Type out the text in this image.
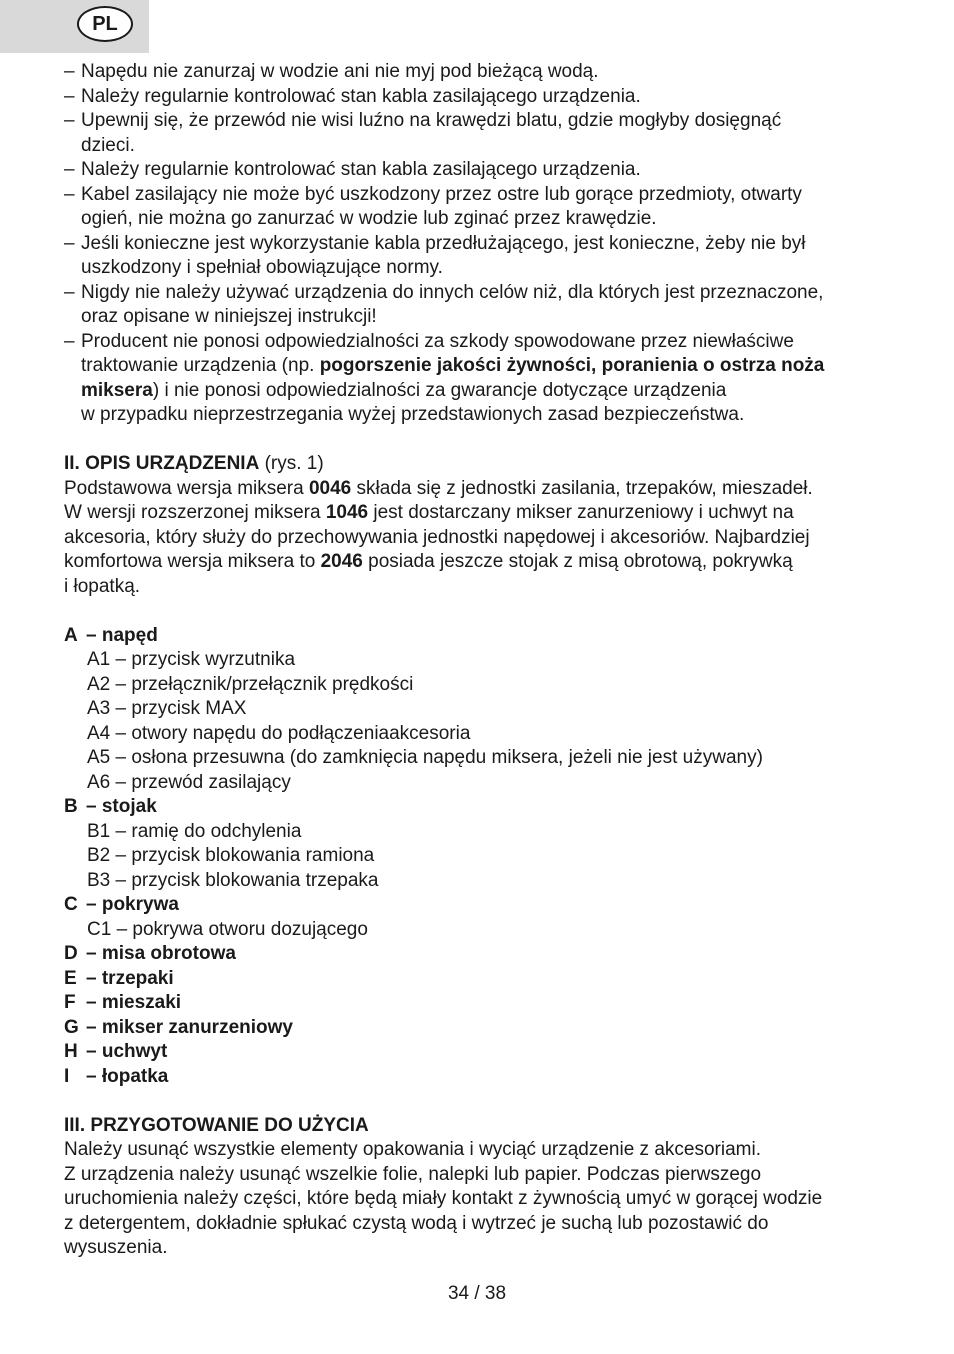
PL
– Napędu nie zanurzaj w wodzie ani nie myj pod bieżącą wodą.
– Należy regularnie kontrolować stan kabla zasilającego urządzenia.
– Upewnij się, że przewód nie wisi luźno na krawędzi blatu, gdzie mogłyby dosięgnąć
dzieci.
– Należy regularnie kontrolować stan kabla zasilającego urządzenia.
– Kabel zasilający nie może być uszkodzony przez ostre lub gorące przedmioty, otwarty
ogień, nie można go zanurzać w wodzie lub zginać przez krawędzie.
– Jeśli konieczne jest wykorzystanie kabla przedłużającego, jest konieczne, żeby nie był
uszkodzony i spełniał obowiązujące normy.
– Nigdy nie należy używać urządzenia do innych celów niż, dla których jest przeznaczone,
oraz opisane w niniejszej instrukcji!
– Producent nie ponosi odpowiedzialności za szkody spowodowane przez niewłaściwe
traktowanie urządzenia (np. pogorszenie jakości żywności, poranienia o ostrza noża
miksera) i nie ponosi odpowiedzialności za gwarancje dotyczące urządzenia
w przypadku nieprzestrzegania wyżej przedstawionych zasad bezpieczeństwa.
II. OPIS URZĄDZENIA (rys. 1)
Podstawowa wersja miksera 0046 składa się z jednostki zasilania, trzepaków, mieszadeł.
W wersji rozszerzonej miksera 1046 jest dostarczany mikser zanurzeniowy i uchwyt na
akcesoria, który służy do przechowywania jednostki napędowej i akcesoriów. Najbardziej
komfortowa wersja miksera to 2046 posiada jeszcze stojak z misą obrotową, pokrywką
i łopatką.
A – napęd
A1 – przycisk wyrzutnika
A2 – przełącznik/przełącznik prędkości
A3 – przycisk MAX
A4 – otwory napędu do podłączeniaakcesoria
A5 – osłona przesuwna (do zamknięcia napędu miksera, jeżeli nie jest używany)
A6 – przewód zasilający
B – stojak
B1 – ramię do odchylenia
B2 – przycisk blokowania ramiona
B3 – przycisk blokowania trzepaka
C – pokrywa
C1 – pokrywa otworu dozującego
D – misa obrotowa
E – trzepaki
F – mieszaki
G – mikser zanurzeniowy
H – uchwyt
I – łopatka
III. PRZYGOTOWANIE DO UŻYCIA
Należy usunąć wszystkie elementy opakowania i wyciąć urządzenie z akcesoriami.
Z urządzenia należy usunąć wszelkie folie, nalepki lub papier. Podczas pierwszego
uruchomienia należy części, które będą miały kontakt z żywnością umyć w gorącej wodzie
z detergentem, dokładnie spłukać czystą wodą i wytrzeć je suchą lub pozostawić do
wysuszenia.
34 / 38
